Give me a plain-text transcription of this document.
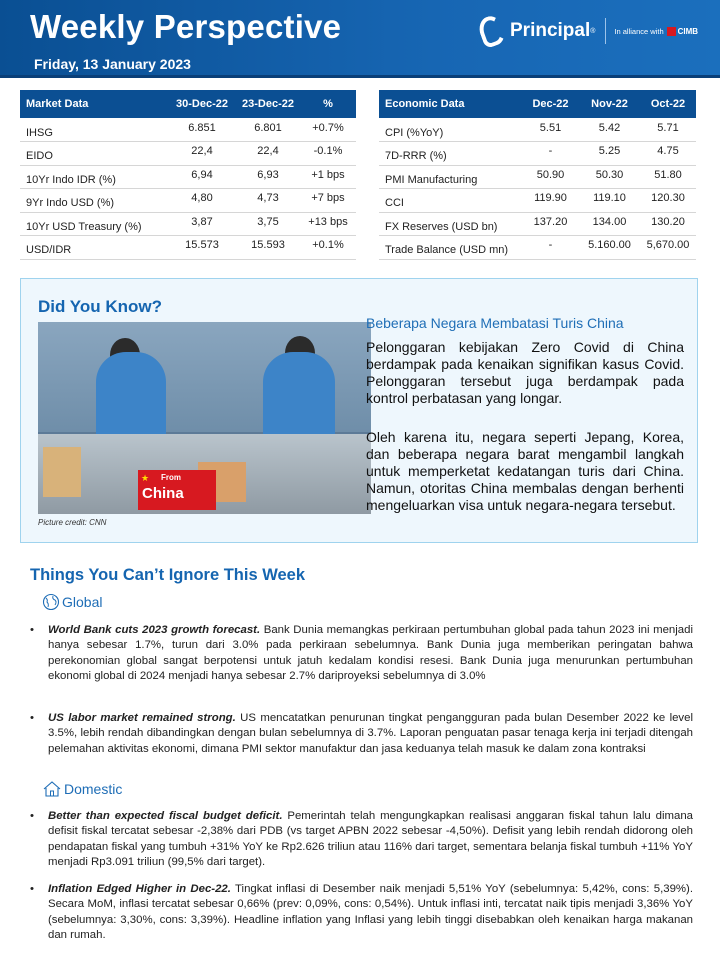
Weekly Perspective
Friday, 13 January 2023
Principal ®	In alliance with CIMB
Market Data	30-Dec-22	23-Dec-22	%
IHSG	6.851	6.801	+0.7%
EIDO	22,4	22,4	-0.1%
10Yr Indo IDR (%)	6,94	6,93	+1 bps
9Yr Indo USD (%)	4,80	4,73	+7 bps
10Yr USD Treasury (%)	3,87	3,75	+13 bps
USD/IDR	15.573	15.593	+0.1%
Economic Data	Dec-22	Nov-22	Oct-22
CPI (%YoY)	5.51	5.42	5.71
7D-RRR (%)	-	5.25	4.75
PMI Manufacturing	50.90	50.30	51.80
CCI	119.90	119.10	120.30
FX Reserves (USD bn)	137.20	134.00	130.20
Trade Balance (USD mn)	-	5.160.00	5,670.00
Did You Know?
★ From
China
Picture credit: CNN
Beberapa Negara Membatasi Turis China
Pelonggaran kebijakan Zero Covid di China berdampak pada kenaikan signifikan kasus Covid. Pelonggaran tersebut juga berdampak pada kontrol perbatasan yang longar.
Oleh karena itu, negara seperti Jepang, Korea, dan beberapa negara barat mengambil langkah untuk memperketat kedatangan turis dari China. Namun, otoritas China membalas dengan berhenti mengeluarkan visa untuk negara-negara tersebut.
Things You Can’t Ignore This Week
Global
• World Bank cuts 2023 growth forecast. Bank Dunia memangkas perkiraan pertumbuhan global pada tahun 2023 ini menjadi hanya sebesar 1.7%, turun dari 3.0% pada perkiraan sebelumnya. Bank Dunia juga memberikan peringatan bahwa perekonomian global sangat berpotensi untuk jatuh kedalam kondisi resesi. Bank Dunia juga menurunkan pertumbuhan ekonomi global di 2024 menjadi hanya sebesar 2.7% dariproyeksi sebelumnya di 3.0%
• US labor market remained strong. US mencatatkan penurunan tingkat pengangguran pada bulan Desember 2022 ke level 3.5%, lebih rendah dibandingkan dengan bulan sebelumnya di 3.7%. Laporan penguatan pasar tenaga kerja ini terjadi ditengah pelemahan aktivitas ekonomi, dimana PMI sektor manufaktur dan jasa keduanya telah masuk ke dalam zona kontraksi
Domestic
• Better than expected fiscal budget deficit. Pemerintah telah mengungkapkan realisasi anggaran fiskal tahun lalu dimana defisit fiskal tercatat sebesar -2,38% dari PDB (vs target APBN 2022 sebesar -4,50%). Defisit yang lebih rendah didorong oleh pendapatan fiskal yang tumbuh +31% YoY ke Rp2.626 triliun atau 116% dari target, sementara belanja fiskal tumbuh +11% YoY menjadi Rp3.091 triliun (99,5% dari target).
• Inflation Edged Higher in Dec-22. Tingkat inflasi di Desember naik menjadi 5,51% YoY (sebelumnya: 5,42%, cons: 5,39%). Secara MoM, inflasi tercatat sebesar 0,66% (prev: 0,09%, cons: 0,54%). Untuk inflasi inti, tercatat naik tipis menjadi 3,36% YoY (sebelumnya: 3,30%, cons: 3,39%). Headline inflation yang Inflasi yang lebih tinggi disebabkan oleh kenaikan harga makanan dan rumah.
